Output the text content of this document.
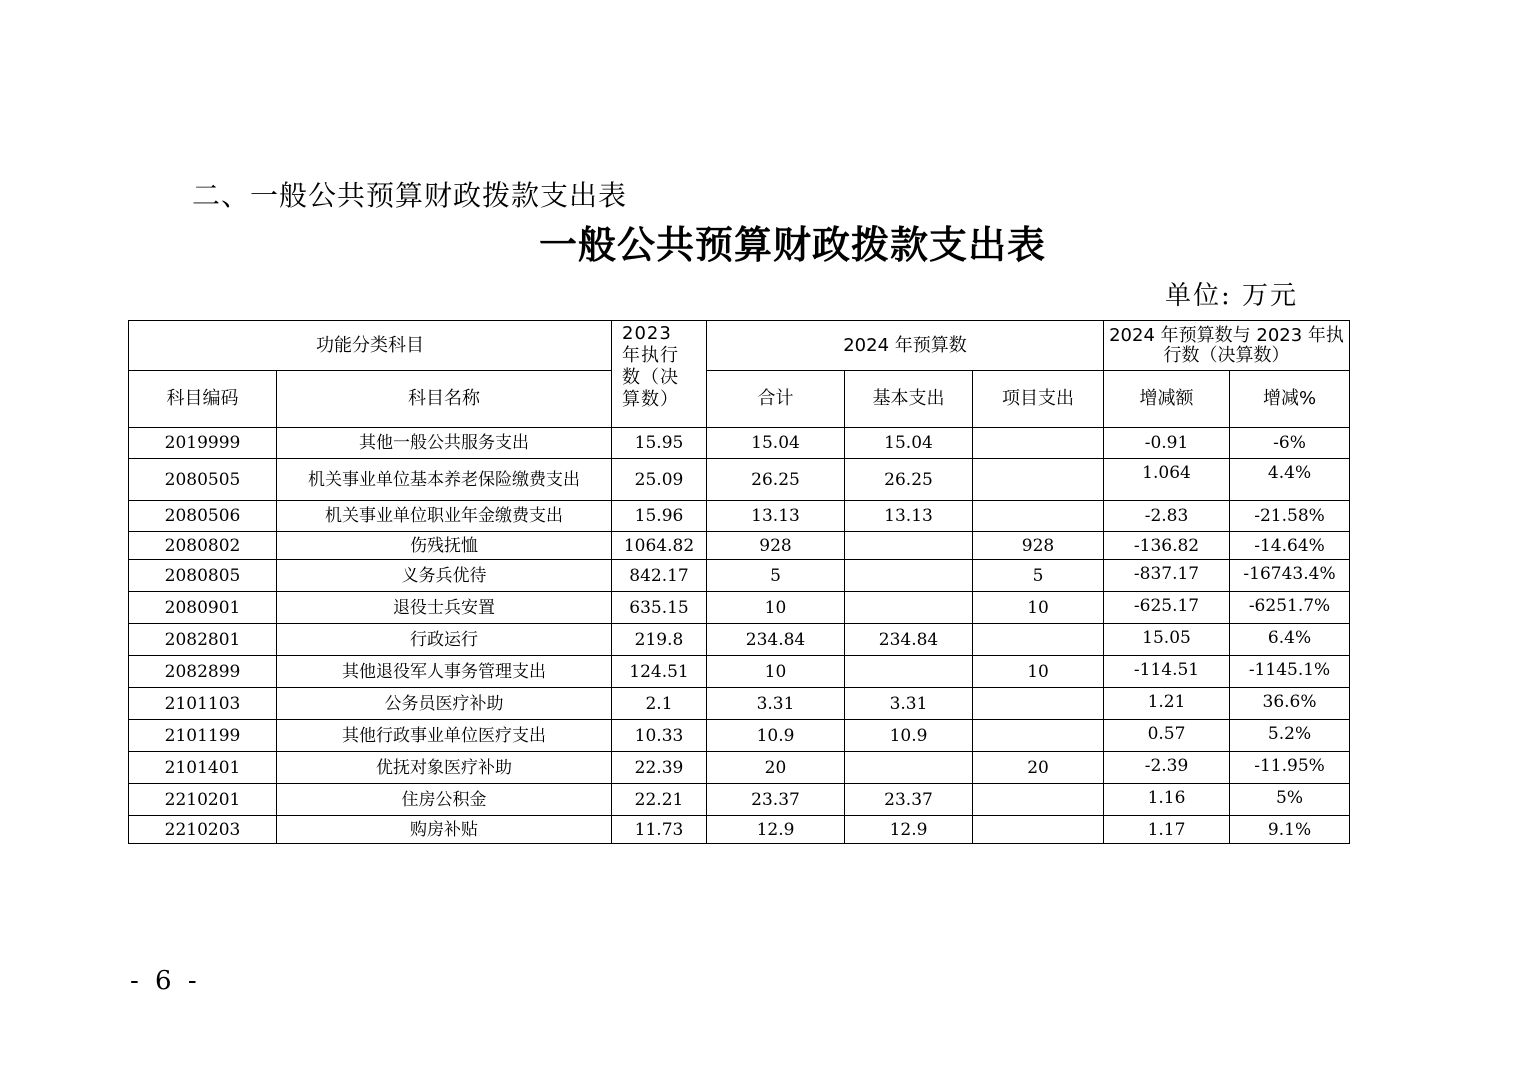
二、一般公共预算财政拨款支出表
一般公共预算财政拨款支出表
单位: 万元
功能分类科目		2023 年执行数（决算数）	2024 年预算数			2024 年预算数与 2023 年执行数（决算数）	
科目编码	科目名称		合计	基本支出	项目支出	增减额	增减%
2019999	其他一般公共服务支出	15.95	15.04	15.04		-0.91	-6%
2080505	机关事业单位基本养老保险缴费支出	25.09	26.25	26.25		1.064	4.4%
2080506	机关事业单位职业年金缴费支出	15.96	13.13	13.13		-2.83	-21.58%
2080802	伤残抚恤	1064.82	928		928	-136.82	-14.64%
2080805	义务兵优待	842.17	5		5	-837.17	-16743.4%
2080901	退役士兵安置	635.15	10		10	-625.17	-6251.7%
2082801	行政运行	219.8	234.84	234.84		15.05	6.4%
2082899	其他退役军人事务管理支出	124.51	10		10	-114.51	-1145.1%
2101103	公务员医疗补助	2.1	3.31	3.31		1.21	36.6%
2101199	其他行政事业单位医疗支出	10.33	10.9	10.9		0.57	5.2%
2101401	优抚对象医疗补助	22.39	20		20	-2.39	-11.95%
2210201	住房公积金	22.21	23.37	23.37		1.16	5%
2210203	购房补贴	11.73	12.9	12.9		1.17	9.1%
- 6 -
